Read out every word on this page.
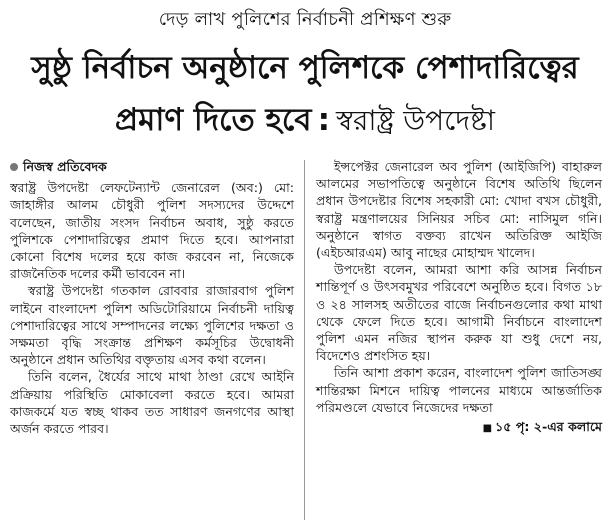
দেড় লাখ পুলিশের নির্বাচনী প্রশিক্ষণ শুরু
সুষ্ঠু নির্বাচন অনুষ্ঠানে পুলিশকে পেশাদারিত্বের
প্রমাণ দিতে হবে : স্বরাষ্ট্র উপদেষ্টা
নিজস্ব প্রতিবেদক

স্বরাষ্ট্র উপদেষ্টা লেফটেন্যান্ট জেনারেল (অব:) মো: জাহাঙ্গীর আলম চৌধুরী পুলিশ সদস্যদের উদ্দেশে বলেছেন, জাতীয় সংসদ নির্বাচন অবাধ, সুষ্ঠু করতে পুলিশকে পেশাদারিত্বের প্রমাণ দিতে হবে। আপনারা কোনো বিশেষ দলের হয়ে কাজ করবেন না, নিজেকে রাজনৈতিক দলের কর্মী ভাববেন না।

স্বরাষ্ট্র উপদেষ্টা গতকাল রোববার রাজারবাগ পুলিশ লাইনে বাংলাদেশ পুলিশ অডিটোরিয়ামে নির্বাচনী দায়িত্ব পেশাদারিত্বের সাথে সম্পাদনের লক্ষ্যে পুলিশের দক্ষতা ও সক্ষমতা বৃদ্ধি সংক্রান্ত প্রশিক্ষণ কর্মসূচির উদ্বোধনী অনুষ্ঠানে প্রধান অতিথির বক্তৃতায় এসব কথা বলেন।

তিনি বলেন, ধৈর্যের সাথে মাথা ঠাণ্ডা রেখে আইনি প্রক্রিয়ায় পরিস্থিতি মোকাবেলা করতে হবে। আমরা কাজকর্মে যত স্বচ্ছ থাকব তত সাধারণ জনগণের আস্থা অর্জন করতে পারব।

ইন্সপেক্টর জেনারেল অব পুলিশ (আইজিপি) বাহারুল আলমের সভাপতিত্বে অনুষ্ঠানে বিশেষ অতিথি ছিলেন প্রধান উপদেষ্টার বিশেষ সহকারী মো: খোদা বখস চৌধুরী, স্বরাষ্ট্র মন্ত্রণালয়ের সিনিয়র সচিব মো: নাসিমুল গনি। অনুষ্ঠানে স্বাগত বক্তব্য রাখেন অতিরিক্ত আইজি (এইচআরএম) আবু নাছের মোহাম্মদ খালেদ।

উপদেষ্টা বলেন, আমরা আশা করি আসন্ন নির্বাচন শান্তিপূর্ণ ও উৎসবমুখর পরিবেশে অনুষ্ঠিত হবে। বিগত ১৮ ও ২৪ সালসহ অতীতের বাজে নির্বাচনগুলোর কথা মাথা থেকে ফেলে দিতে হবে। আগামী নির্বাচনে বাংলাদেশ পুলিশ এমন নজির স্থাপন করুক যা শুধু দেশে নয়, বিদেশেও প্রশংসিত হয়।

তিনি আশা প্রকাশ করেন, বাংলাদেশ পুলিশ জাতিসঙ্ঘ শান্তিরক্ষা মিশনে দায়িত্ব পালনের মাধ্যমে আন্তর্জাতিক পরিমণ্ডলে যেভাবে নিজেদের দক্ষতা

■ ১৫ পৃ: ২-এর কলামে
